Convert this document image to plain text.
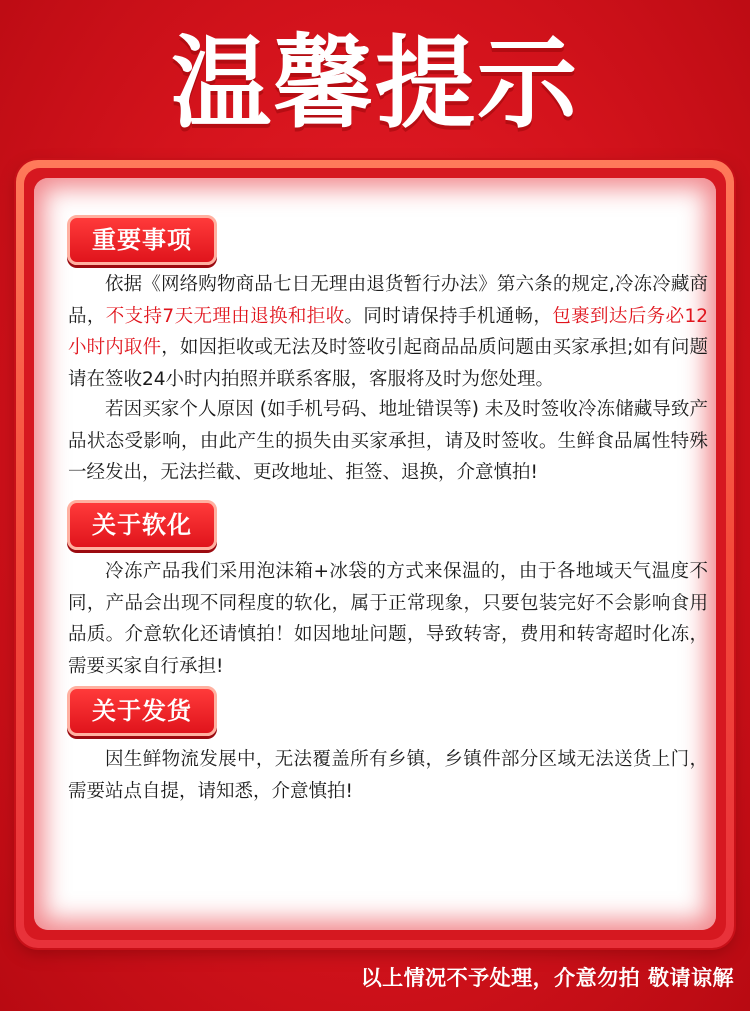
温馨提示
重要事项

依据《网络购物商品七日无理由退货暂行办法》第六条的规定,冷冻冷藏商品，不支持7天无理由退换和拒收。同时请保持手机通畅，包裹到达后务必12小时内取件，如因拒收或无法及时签收引起商品品质问题由买家承担;如有问题请在签收24小时内拍照并联系客服，客服将及时为您处理。

若因买家个人原因 (如手机号码、地址错误等) 未及时签收冷冻储藏导致产品状态受影响，由此产生的损失由买家承担，请及时签收。生鲜食品属性特殊一经发出，无法拦截、更改地址、拒签、退换，介意慎拍!

关于软化

冷冻产品我们采用泡沫箱+冰袋的方式来保温的，由于各地域天气温度不同，产品会出现不同程度的软化，属于正常现象，只要包装完好不会影响食用品质。介意软化还请慎拍！如因地址问题，导致转寄，费用和转寄超时化冻，需要买家自行承担!

关于发货

因生鲜物流发展中，无法覆盖所有乡镇，乡镇件部分区域无法送货上门，需要站点自提，请知悉，介意慎拍!

以上情况不予处理，介意勿拍 敬请谅解
